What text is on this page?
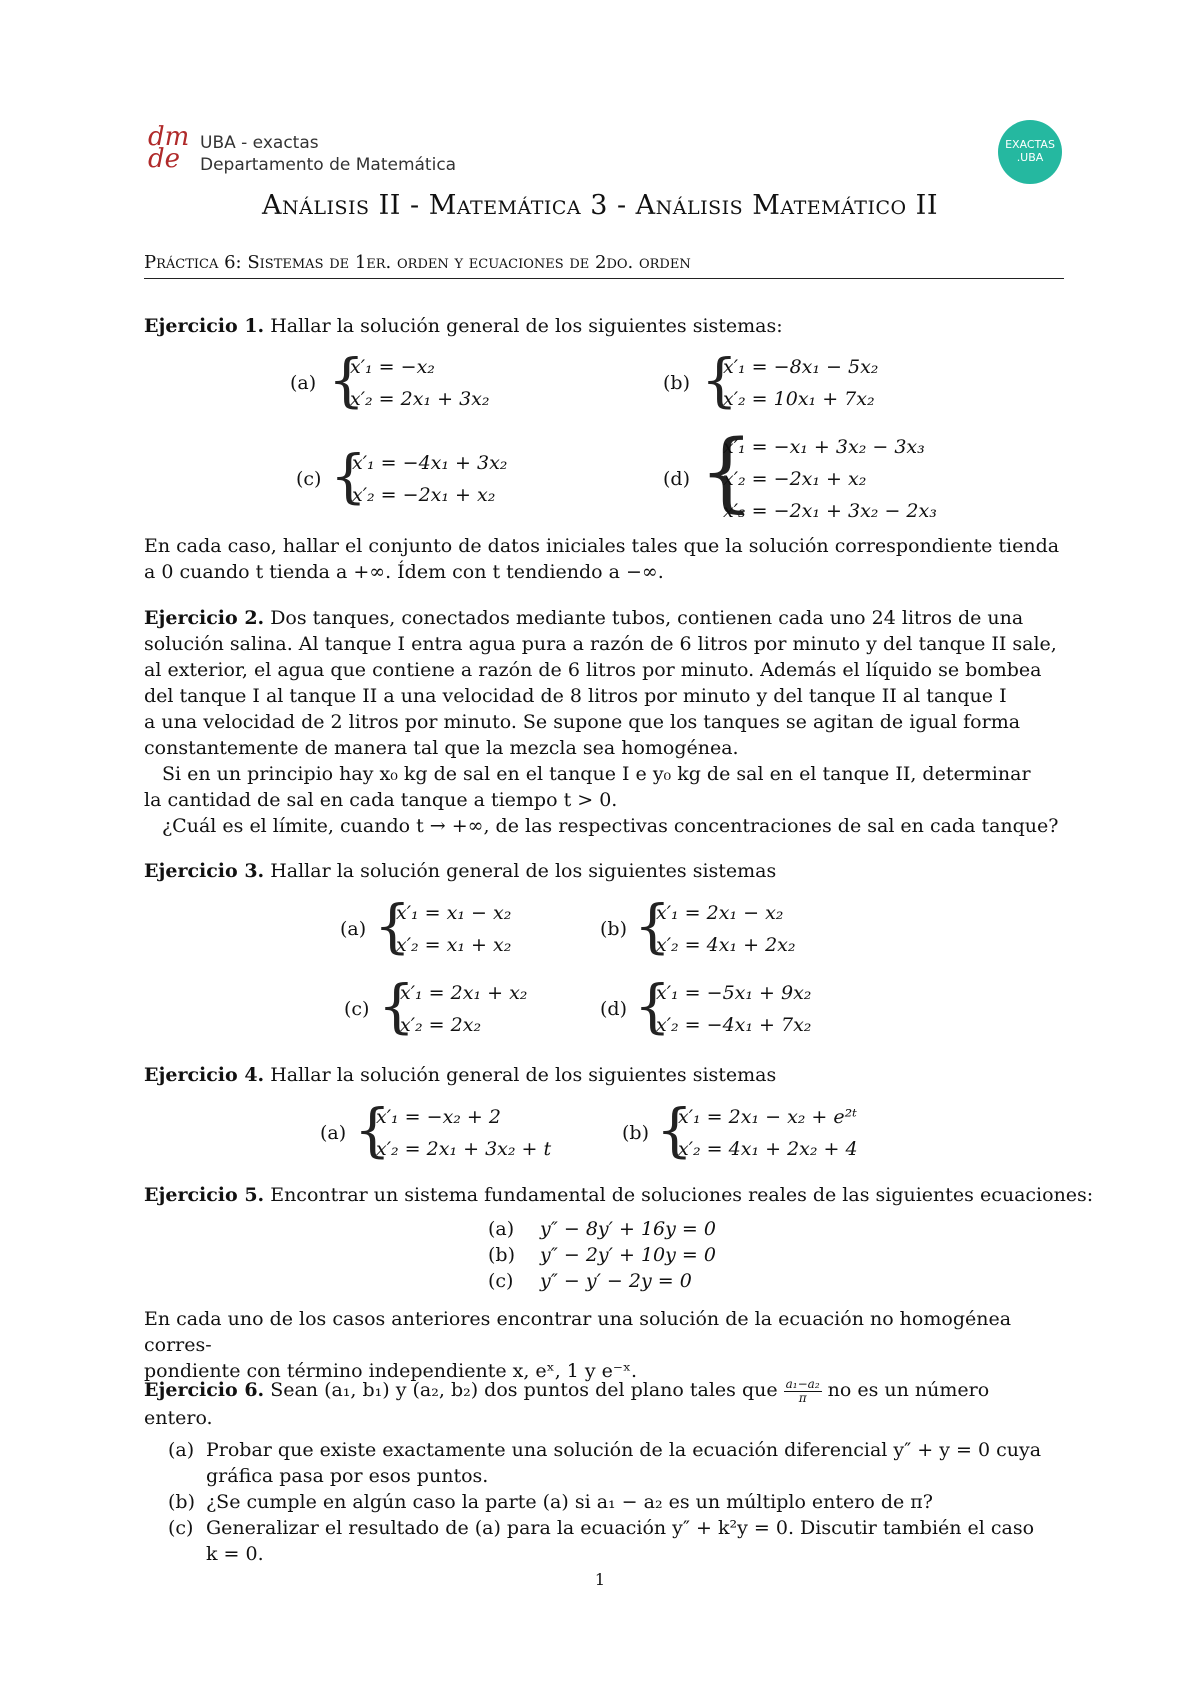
dm
de
UBA - exactas
Departamento de Matemática
EXACTAS
.UBA
Análisis II - Matemática 3 - Análisis Matemático II
Práctica 6: Sistemas de 1er. orden y ecuaciones de 2do. orden
Ejercicio 1. Hallar la solución general de los siguientes sistemas:
(a) {
x′₁ = −x₂
x′₂ = 2x₁ + 3x₂
(b) {
x′₁ = −8x₁ − 5x₂
x′₂ = 10x₁ + 7x₂
(c) {
x′₁ = −4x₁ + 3x₂
x′₂ = −2x₁ + x₂
(d) {
x′₁ = −x₁ + 3x₂ − 3x₃
x′₂ = −2x₁ + x₂
x′₃ = −2x₁ + 3x₂ − 2x₃
En cada caso, hallar el conjunto de datos iniciales tales que la solución correspondiente tienda
a 0 cuando t tienda a +∞. Ídem con t tendiendo a −∞.
Ejercicio 2. Dos tanques, conectados mediante tubos, contienen cada uno 24 litros de una
solución salina. Al tanque I entra agua pura a razón de 6 litros por minuto y del tanque II sale,
al exterior, el agua que contiene a razón de 6 litros por minuto. Además el líquido se bombea
del tanque I al tanque II a una velocidad de 8 litros por minuto y del tanque II al tanque I
a una velocidad de 2 litros por minuto. Se supone que los tanques se agitan de igual forma
constantemente de manera tal que la mezcla sea homogénea.
Si en un principio hay x₀ kg de sal en el tanque I e y₀ kg de sal en el tanque II, determinar
la cantidad de sal en cada tanque a tiempo t > 0.
¿Cuál es el límite, cuando t → +∞, de las respectivas concentraciones de sal en cada tanque?
Ejercicio 3. Hallar la solución general de los siguientes sistemas
(a) {
x′₁ = x₁ − x₂
x′₂ = x₁ + x₂
(b) {
x′₁ = 2x₁ − x₂
x′₂ = 4x₁ + 2x₂
(c) {
x′₁ = 2x₁ + x₂
x′₂ = 2x₂
(d) {
x′₁ = −5x₁ + 9x₂
x′₂ = −4x₁ + 7x₂
Ejercicio 4. Hallar la solución general de los siguientes sistemas
(a) {
x′₁ = −x₂ + 2
x′₂ = 2x₁ + 3x₂ + t
(b) {
x′₁ = 2x₁ − x₂ + e²ᵗ
x′₂ = 4x₁ + 2x₂ + 4
Ejercicio 5. Encontrar un sistema fundamental de soluciones reales de las siguientes ecuaciones:
(a) y″ − 8y′ + 16y = 0
(b) y″ − 2y′ + 10y = 0
(c) y″ − y′ − 2y = 0
En cada uno de los casos anteriores encontrar una solución de la ecuación no homogénea corres-
pondiente con término independiente x, eˣ, 1 y e⁻ˣ.
Ejercicio 6. Sean (a₁, b₁) y (a₂, b₂) dos puntos del plano tales que $\frac{\text{a₁−a₂}}{\pi}$ no es un número
entero.
(a) Probar que existe exactamente una solución de la ecuación diferencial y″ + y = 0 cuya
gráfica pasa por esos puntos.
(b) ¿Se cumple en algún caso la parte (a) si a₁ − a₂ es un múltiplo entero de π?
(c) Generalizar el resultado de (a) para la ecuación y″ + k²y = 0. Discutir también el caso
k = 0.
1
